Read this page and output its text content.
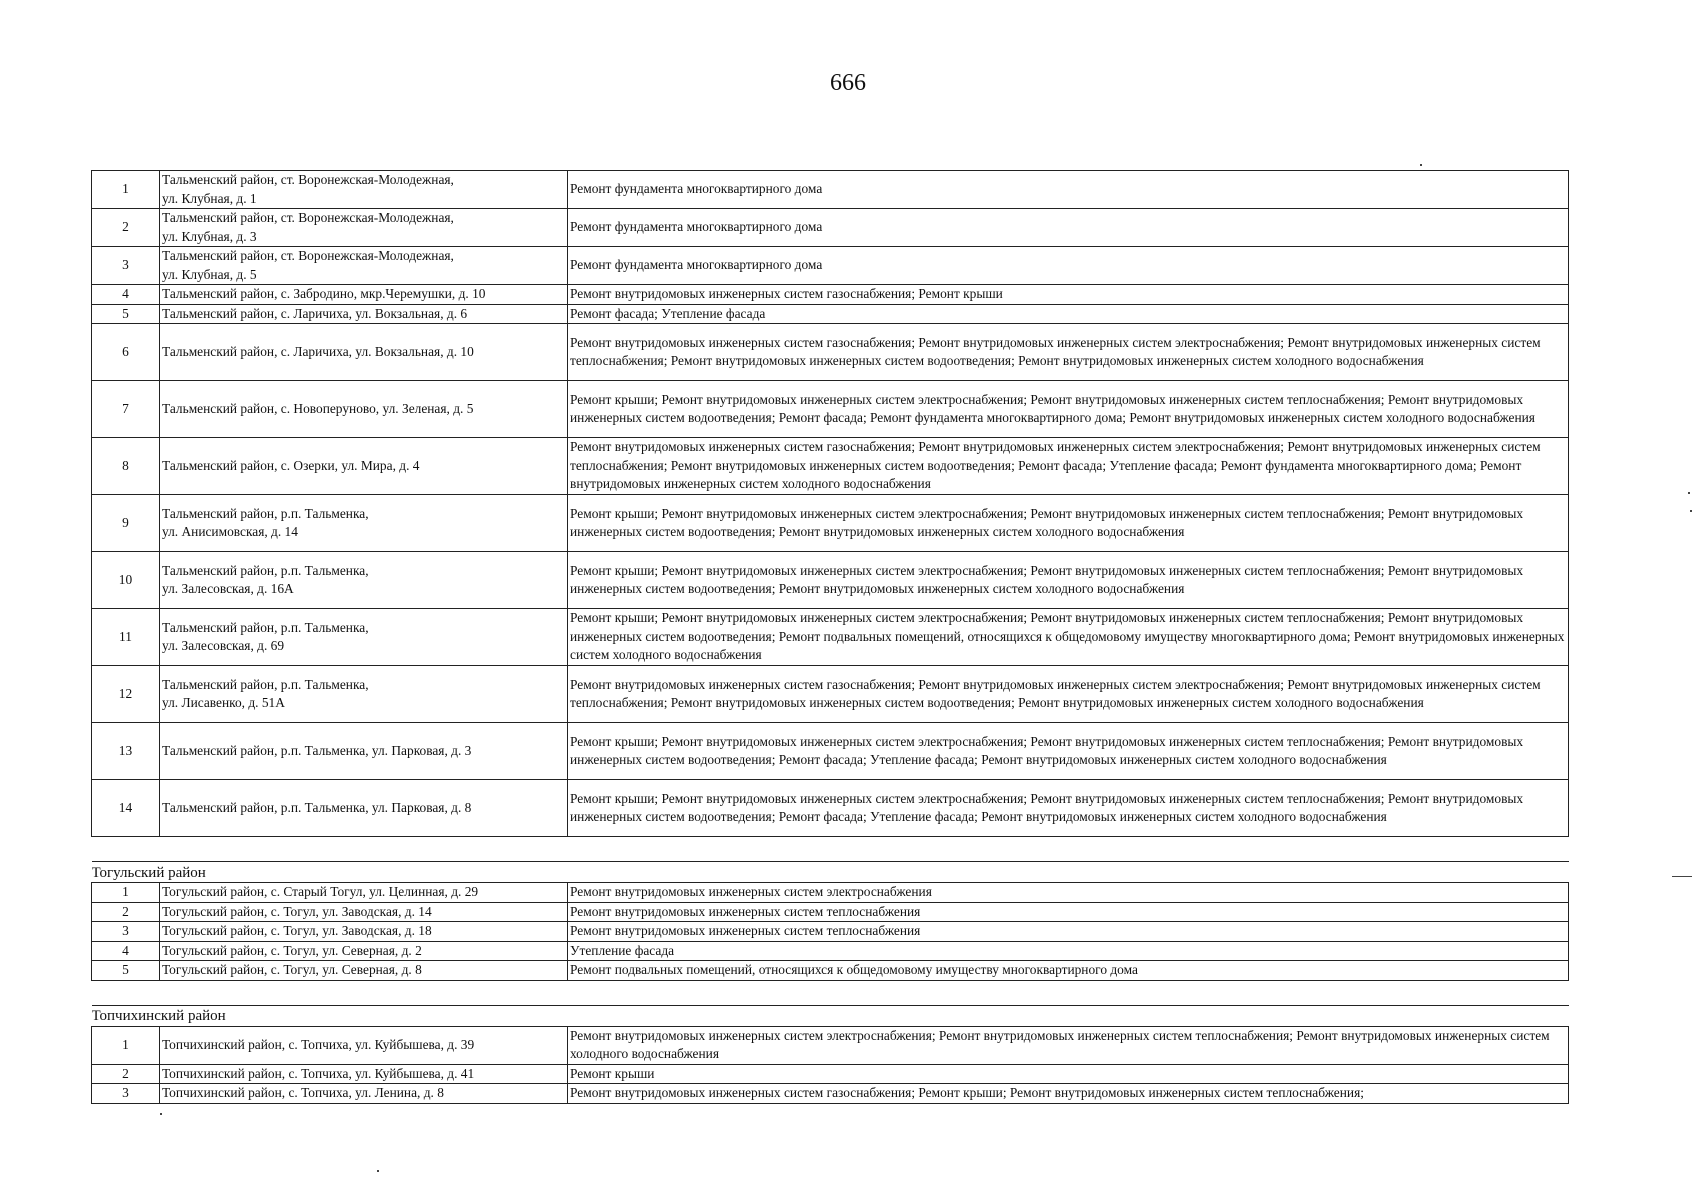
666
1	Тальменский район, ст. Воронежская-Молодежная,
ул. Клубная, д. 1	Ремонт фундамента многоквартирного дома
2	Тальменский район, ст. Воронежская-Молодежная,
ул. Клубная, д. 3	Ремонт фундамента многоквартирного дома
3	Тальменский район, ст. Воронежская-Молодежная,
ул. Клубная, д. 5	Ремонт фундамента многоквартирного дома
4	Тальменский район, с. Забродино, мкр.Черемушки, д. 10	Ремонт внутридомовых инженерных систем газоснабжения; Ремонт крыши
5	Тальменский район, с. Ларичиха, ул. Вокзальная, д. 6	Ремонт фасада; Утепление фасада
6	Тальменский район, с. Ларичиха, ул. Вокзальная, д. 10	Ремонт внутридомовых инженерных систем газоснабжения; Ремонт внутридомовых инженерных систем электроснабжения; Ремонт внутридомовых инженерных систем теплоснабжения; Ремонт внутридомовых инженерных систем водоотведения; Ремонт внутридомовых инженерных систем холодного водоснабжения
7	Тальменский район, с. Новоперуново, ул. Зеленая, д. 5	Ремонт крыши; Ремонт внутридомовых инженерных систем электроснабжения; Ремонт внутридомовых инженерных систем теплоснабжения; Ремонт внутридомовых инженерных систем водоотведения; Ремонт фасада; Ремонт фундамента многоквартирного дома; Ремонт внутридомовых инженерных систем холодного водоснабжения
8	Тальменский район, с. Озерки, ул. Мира, д. 4	Ремонт внутридомовых инженерных систем газоснабжения; Ремонт внутридомовых инженерных систем электроснабжения; Ремонт внутридомовых инженерных систем теплоснабжения; Ремонт внутридомовых инженерных систем водоотведения; Ремонт фасада; Утепление фасада; Ремонт фундамента многоквартирного дома; Ремонт внутридомовых инженерных систем холодного водоснабжения
9	Тальменский район, р.п. Тальменка,
ул. Анисимовская, д. 14	Ремонт крыши; Ремонт внутридомовых инженерных систем электроснабжения; Ремонт внутридомовых инженерных систем теплоснабжения; Ремонт внутридомовых инженерных систем водоотведения; Ремонт внутридомовых инженерных систем холодного водоснабжения
10	Тальменский район, р.п. Тальменка,
ул. Залесовская, д. 16А	Ремонт крыши; Ремонт внутридомовых инженерных систем электроснабжения; Ремонт внутридомовых инженерных систем теплоснабжения; Ремонт внутридомовых инженерных систем водоотведения; Ремонт внутридомовых инженерных систем холодного водоснабжения
11	Тальменский район, р.п. Тальменка,
ул. Залесовская, д. 69	Ремонт крыши; Ремонт внутридомовых инженерных систем электроснабжения; Ремонт внутридомовых инженерных систем теплоснабжения; Ремонт внутридомовых инженерных систем водоотведения; Ремонт подвальных помещений, относящихся к общедомовому имуществу многоквартирного дома; Ремонт внутридомовых инженерных систем холодного водоснабжения
12	Тальменский район, р.п. Тальменка,
ул. Лисавенко, д. 51А	Ремонт внутридомовых инженерных систем газоснабжения; Ремонт внутридомовых инженерных систем электроснабжения; Ремонт внутридомовых инженерных систем теплоснабжения; Ремонт внутридомовых инженерных систем водоотведения; Ремонт внутридомовых инженерных систем холодного водоснабжения
13	Тальменский район, р.п. Тальменка, ул. Парковая, д. 3	Ремонт крыши; Ремонт внутридомовых инженерных систем электроснабжения; Ремонт внутридомовых инженерных систем теплоснабжения; Ремонт внутридомовых инженерных систем водоотведения; Ремонт фасада; Утепление фасада; Ремонт внутридомовых инженерных систем холодного водоснабжения
14	Тальменский район, р.п. Тальменка, ул. Парковая, д. 8	Ремонт крыши; Ремонт внутридомовых инженерных систем электроснабжения; Ремонт внутридомовых инженерных систем теплоснабжения; Ремонт внутридомовых инженерных систем водоотведения; Ремонт фасада; Утепление фасада; Ремонт внутридомовых инженерных систем холодного водоснабжения

Тогульский район		
1	Тогульский район, с. Старый Тогул, ул. Целинная, д. 29	Ремонт внутридомовых инженерных систем электроснабжения
2	Тогульский район, с. Тогул, ул. Заводская, д. 14	Ремонт внутридомовых инженерных систем теплоснабжения
3	Тогульский район, с. Тогул, ул. Заводская, д. 18	Ремонт внутридомовых инженерных систем теплоснабжения
4	Тогульский район, с. Тогул, ул. Северная, д. 2	Утепление фасада
5	Тогульский район, с. Тогул, ул. Северная, д. 8	Ремонт подвальных помещений, относящихся к общедомовому имуществу многоквартирного дома

Топчихинский район		
1	Топчихинский район, с. Топчиха, ул. Куйбышева, д. 39	Ремонт внутридомовых инженерных систем электроснабжения; Ремонт внутридомовых инженерных систем теплоснабжения; Ремонт внутридомовых инженерных систем холодного водоснабжения
2	Топчихинский район, с. Топчиха, ул. Куйбышева, д. 41	Ремонт крыши
3	Топчихинский район, с. Топчиха, ул. Ленина, д. 8	Ремонт внутридомовых инженерных систем газоснабжения; Ремонт крыши; Ремонт внутридомовых инженерных систем теплоснабжения;
